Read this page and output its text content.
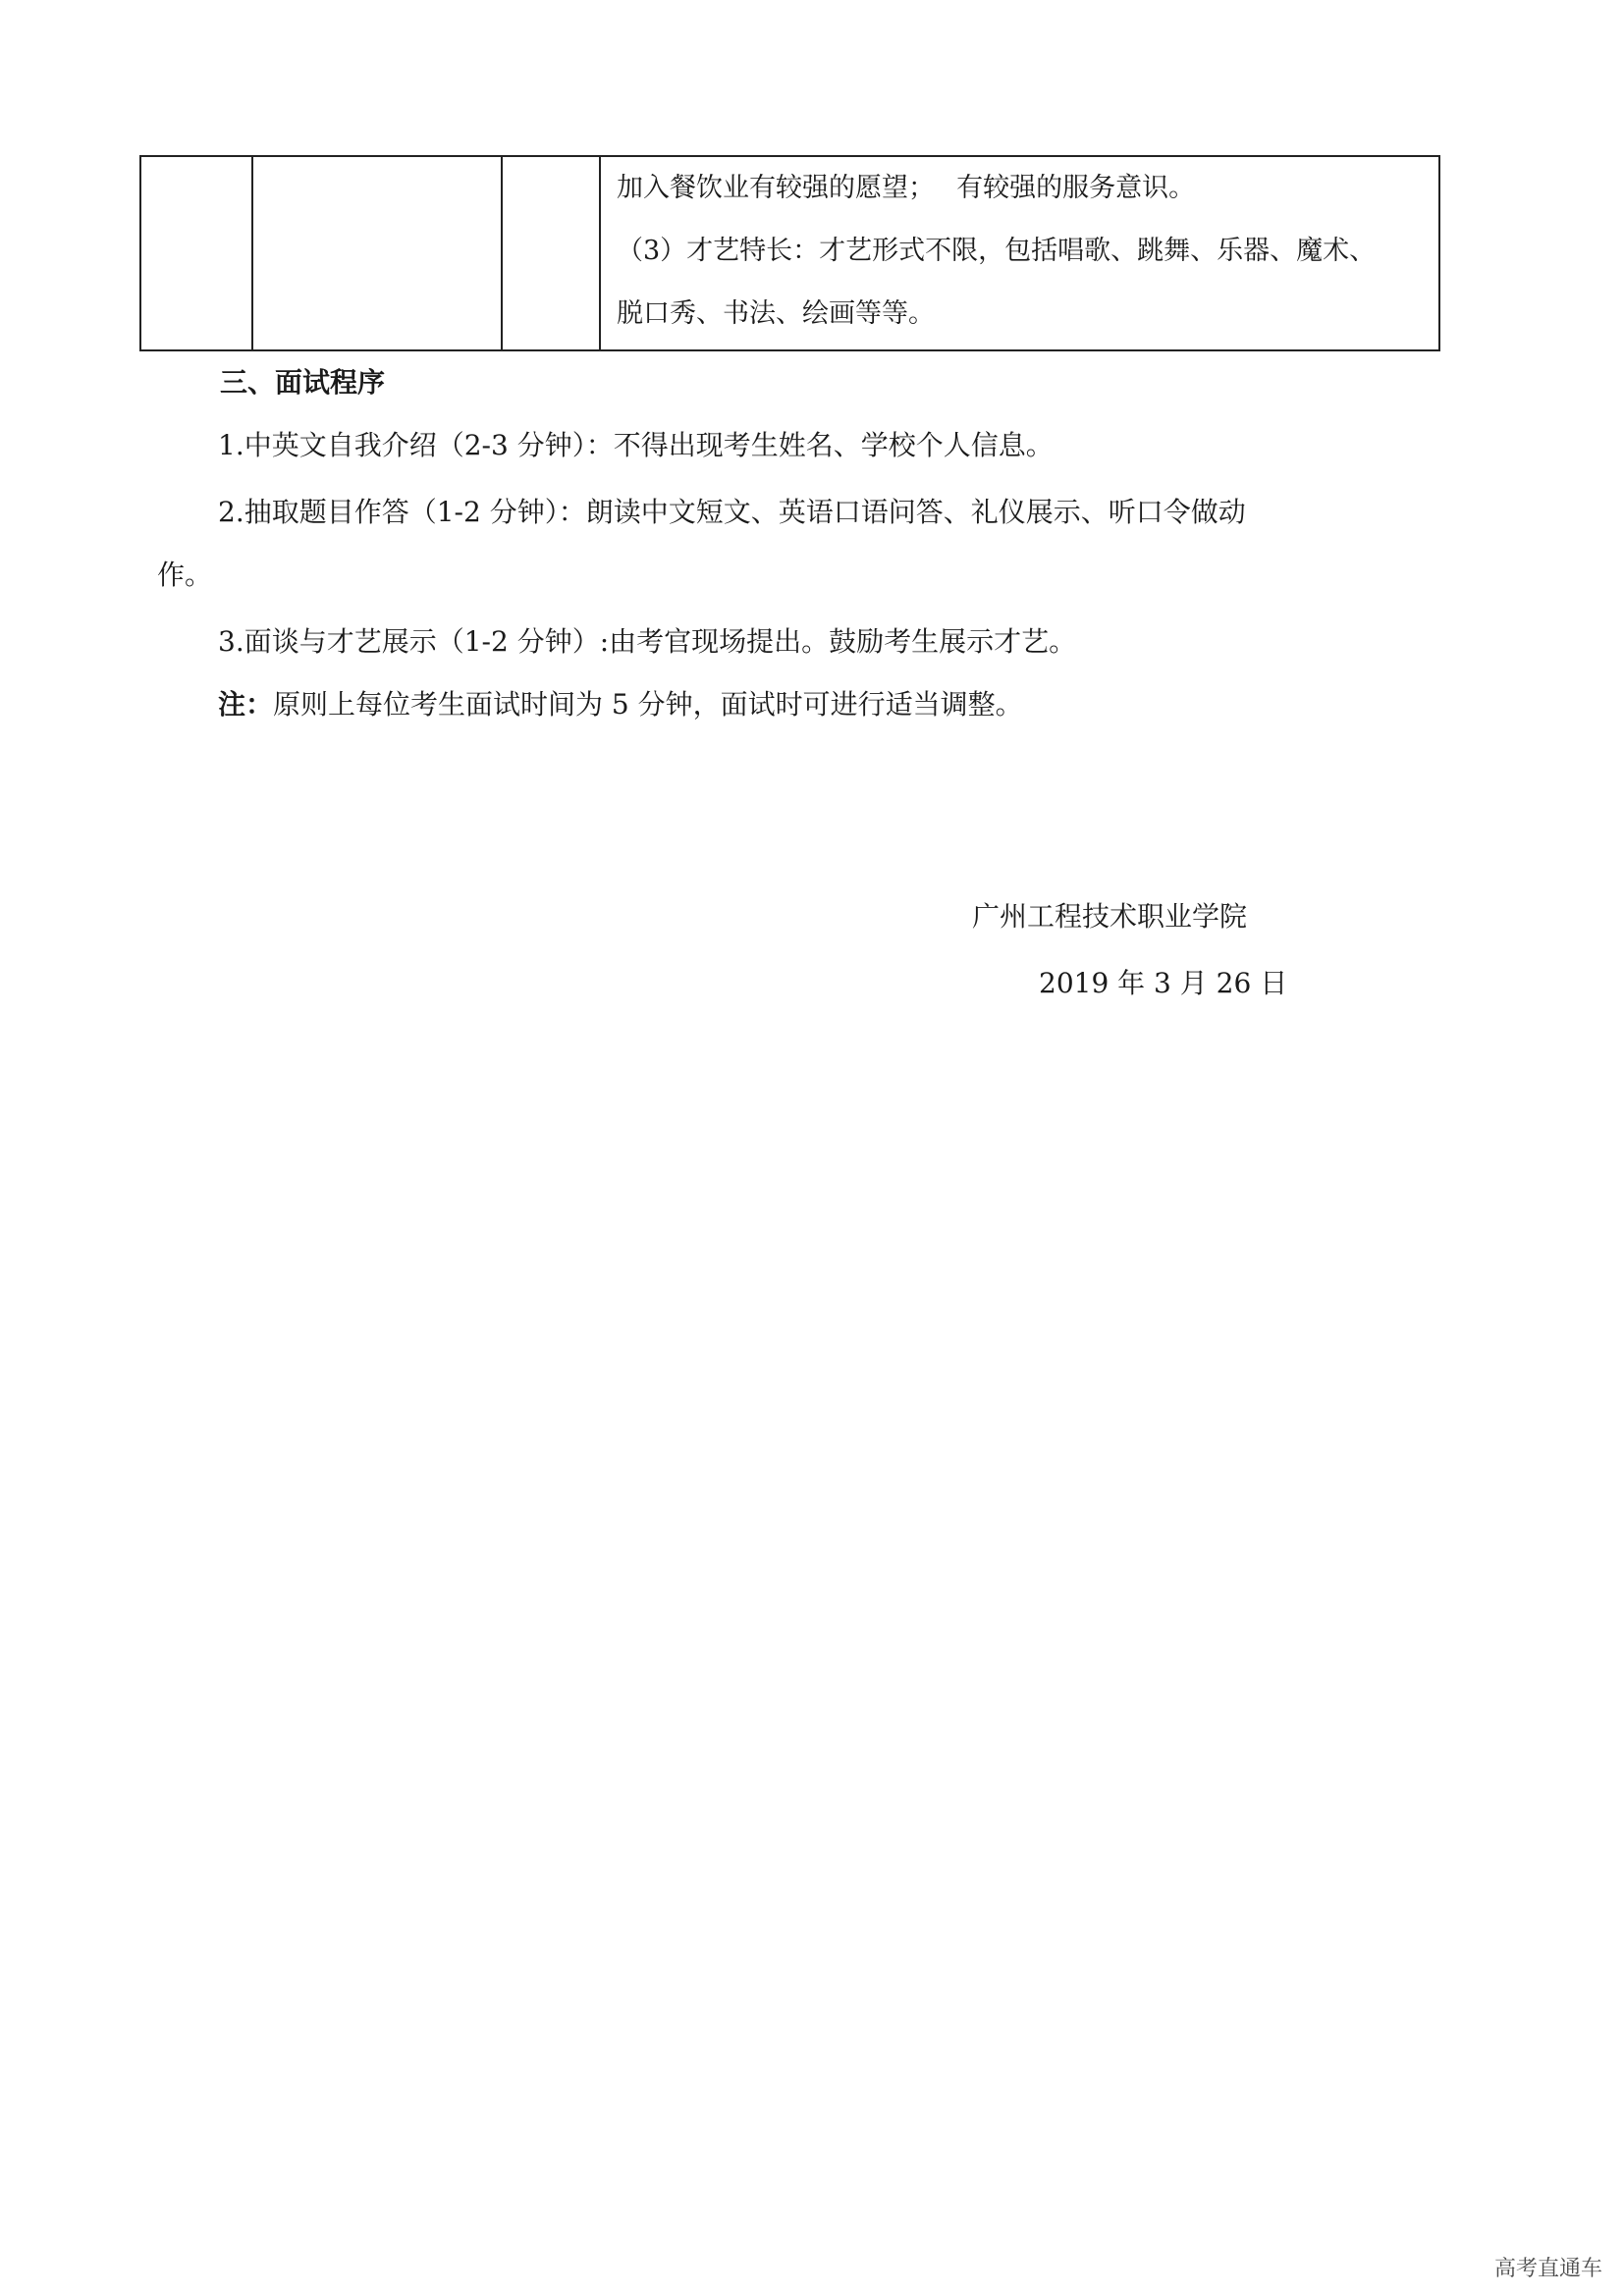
加入餐饮业有较强的愿望；　 有较强的服务意识。
（3）才艺特长：才艺形式不限，包括唱歌、跳舞、乐器、魔术、
脱口秀、书法、绘画等等。
三、面试程序
1.中英文自我介绍（2-3 分钟）：不得出现考生姓名、学校个人信息。
2.抽取题目作答（1-2 分钟）：朗读中文短文、英语口语问答、礼仪展示、听口令做动
作。
3.面谈与才艺展示（1-2 分钟）:由考官现场提出。鼓励考生展示才艺。
注：原则上每位考生面试时间为 5 分钟，面试时可进行适当调整。
广州工程技术职业学院
2019 年 3 月 26 日
高考直通车
